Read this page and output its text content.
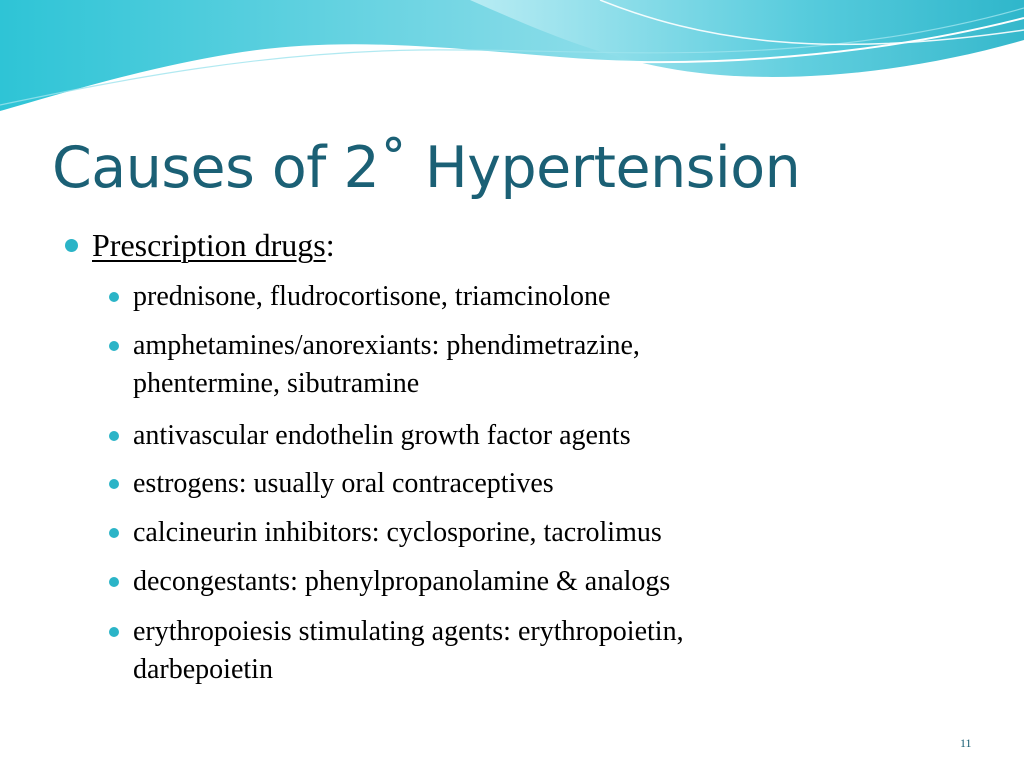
Causes of 2˚ Hypertension
Prescription drugs:
prednisone, fludrocortisone, triamcinolone
amphetamines/anorexiants: phendimetrazine,
phentermine, sibutramine
antivascular endothelin growth factor agents
estrogens: usually oral contraceptives
calcineurin inhibitors: cyclosporine, tacrolimus
decongestants: phenylpropanolamine & analogs
erythropoiesis stimulating agents: erythropoietin,
darbepoietin
11
